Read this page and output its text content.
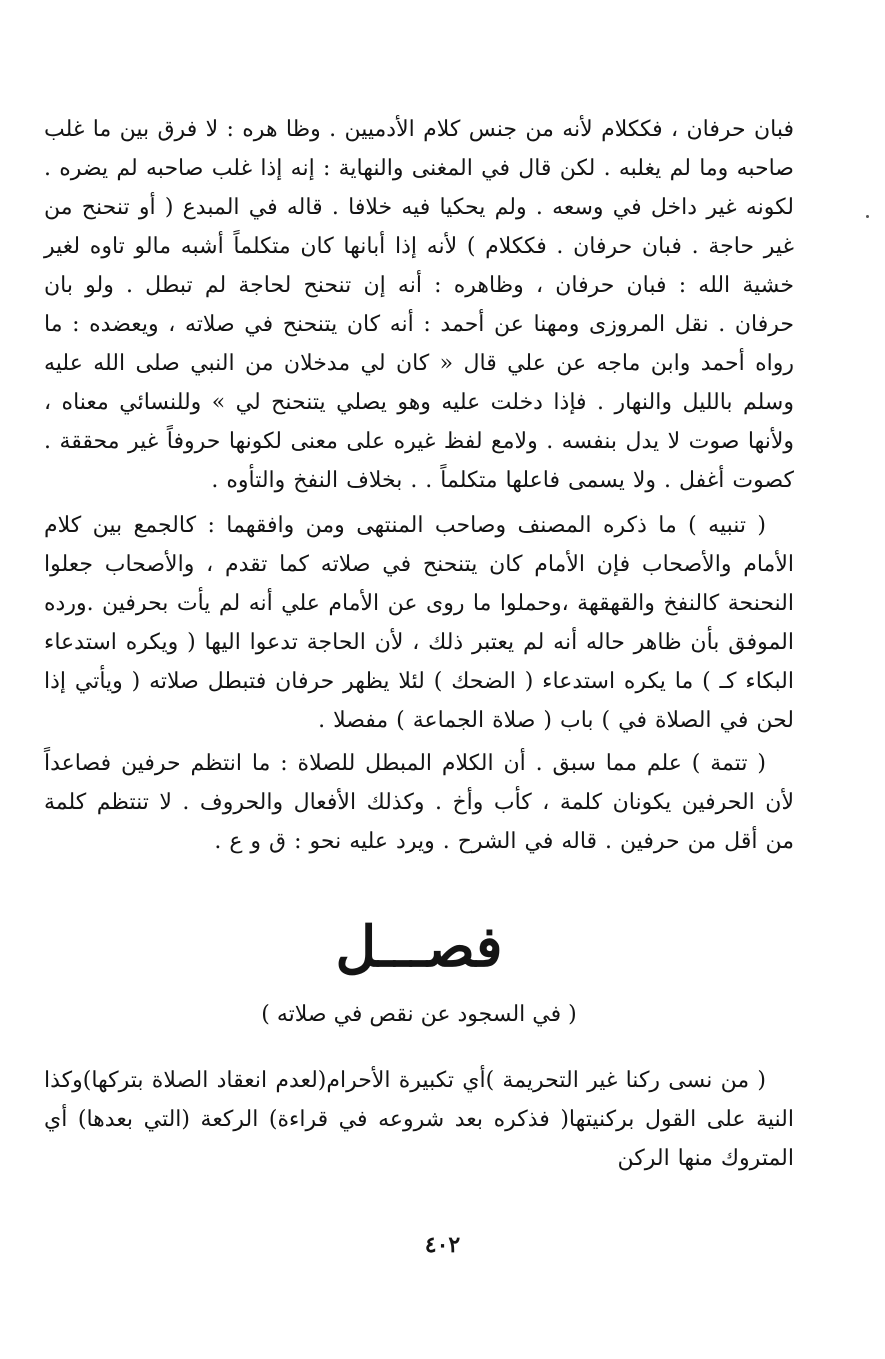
فبان حرفان ، فككلام لأنه من جنس كلام الأدميين . وظا هره : لا فرق بين ما غلب صاحبه وما لم يغلبه . لكن قال في المغنى والنهاية : إنه إذا غلب صاحبه لم يضره . لكونه غير داخل في وسعه . ولم يحكيا فيه خلافا . قاله في المبدع ( أو تنحنح من غير حاجة . فبان حرفان . فككلام ) لأنه إذا أبانها كان متكلماً أشبه مالو تاوه لغير خشية الله : فبان حرفان ، وظاهره : أنه إن تنحنح لحاجة لم تبطل . ولو بان حرفان . نقل المروزى ومهنا عن أحمد : أنه كان يتنحنح في صلاته ، ويعضده : ما رواه أحمد وابن ماجه عن علي قال « كان لي مدخلان من النبي صلى الله عليه وسلم بالليل والنهار . فإذا دخلت عليه وهو يصلي يتنحنح لي » وللنسائي معناه ، ولأنها صوت لا يدل بنفسه . ولامع لفظ غيره على معنى لكونها حروفاً غير محققة . كصوت أغفل . ولا يسمى فاعلها متكلماً . . بخلاف النفخ والتأوه .

( تنبيه ) ما ذكره المصنف وصاحب المنتهى ومن وافقهما : كالجمع بين كلام الأمام والأصحاب فإن الأمام كان يتنحنح في صلاته كما تقدم ، والأصحاب جعلوا النحنحة كالنفخ والقهقهة ،وحملوا ما روى عن الأمام علي أنه لم يأت بحرفين .ورده الموفق بأن ظاهر حاله أنه لم يعتبر ذلك ، لأن الحاجة تدعوا اليها ( ويكره استدعاء البكاء كـ ) ما يكره استدعاء ( الضحك ) لئلا يظهر حرفان فتبطل صلاته ( ويأتي إذا لحن في الصلاة في ) باب ( صلاة الجماعة ) مفصلا .

( تتمة ) علم مما سبق . أن الكلام المبطل للصلاة : ما انتظم حرفين فصاعداً لأن الحرفين يكونان كلمة ، كأب وأخ . وكذلك الأفعال والحروف . لا تنتظم كلمة من أقل من حرفين . قاله في الشرح . ويرد عليه نحو : ق و ع .

فصـــل
( في السجود عن نقص في صلاته )

( من نسى ركنا غير التحريمة )أي تكبيرة الأحرام(لعدم انعقاد الصلاة بتركها)وكذا النية على القول بركنيتها( فذكره بعد شروعه في قراءة) الركعة (التي بعدها) أي المتروك منها الركن

٤٠٢
